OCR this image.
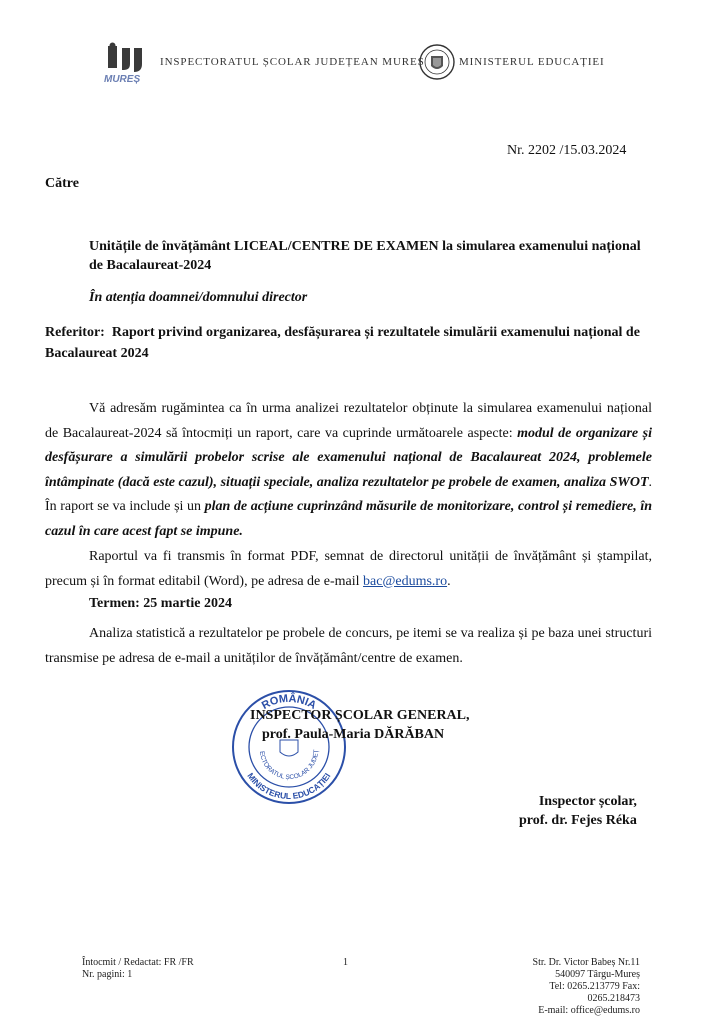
MUREȘ
INSPECTORATUL ȘCOLAR JUDEȚEAN MUREȘ	MINISTERUL EDUCAȚIEI
Nr. 2202 /15.03.2024
Către
Unitățile de învățământ LICEAL/CENTRE DE EXAMEN la simularea examenului național de Bacalaureat-2024
În atenția doamnei/domnului director
Referitor: Raport privind organizarea, desfășurarea și rezultatele simulării examenului național de Bacalaureat 2024
Vă adresăm rugămintea ca în urma analizei rezultatelor obținute la simularea examenului național de Bacalaureat-2024 să întocmiți un raport, care va cuprinde următoarele aspecte: modul de organizare și desfășurare a simulării probelor scrise ale examenului național de Bacalaureat 2024, problemele întâmpinate (dacă este cazul), situații speciale, analiza rezultatelor pe probele de examen, analiza SWOT. În raport se va include și un plan de acțiune cuprinzând măsurile de monitorizare, control și remediere, în cazul în care acest fapt se impune.
Raportul va fi transmis în format PDF, semnat de directorul unității de învățământ și ștampilat, precum și în format editabil (Word), pe adresa de e-mail bac@edums.ro.
Termen: 25 martie 2024
Analiza statistică a rezultatelor pe probele de concurs, pe itemi se va realiza și pe baza unei structuri transmise pe adresa de e-mail a unităților de învățământ/centre de examen.
ROMÂNIA
MINISTERUL EDUCAȚIEI
ECTORATUL ȘCOLAR JUDEȚ
INSPECTOR ȘCOLAR GENERAL,
prof. Paula-Maria DĂRĂBAN
Inspector școlar,
prof. dr. Fejes Réka
Întocmit / Redactat: FR /FR
Nr. pagini: 1
1	Str. Dr. Victor Babeș Nr.11
540097 Târgu-Mureș
Tel: 0265.213779 Fax: 0265.218473
E-mail: office@edums.ro
